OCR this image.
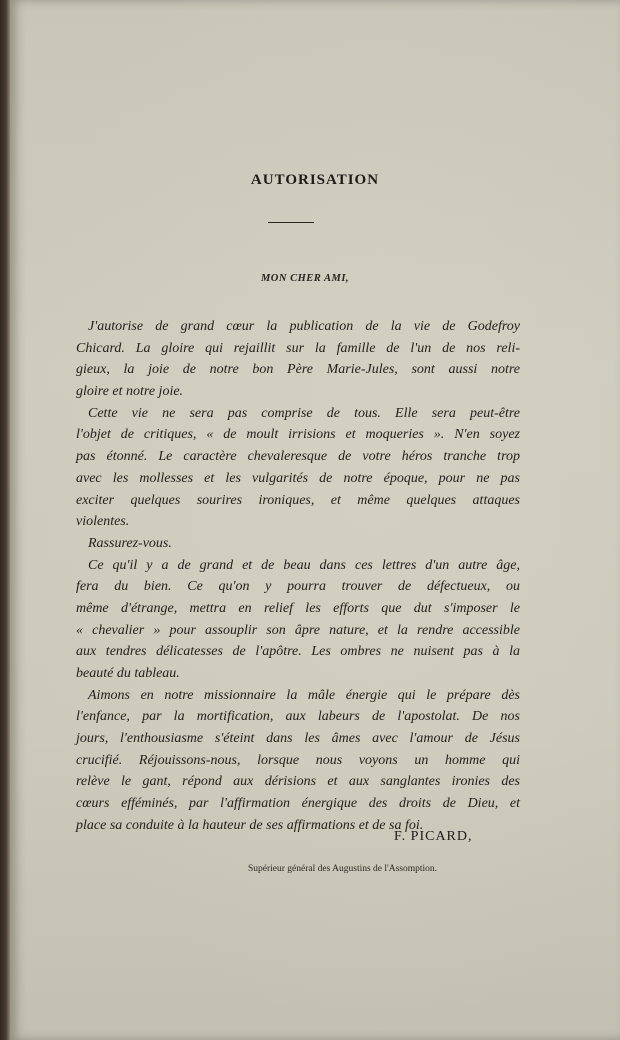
AUTORISATION
MON CHER AMI,
J'autorise de grand cœur la publication de la vie de Godefroy
Chicard. La gloire qui rejaillit sur la famille de l'un de nos reli-
gieux, la joie de notre bon Père Marie-Jules, sont aussi notre
gloire et notre joie.
Cette vie ne sera pas comprise de tous. Elle sera peut-être
l'objet de critiques, « de moult irrisions et moqueries ». N'en soyez
pas étonné. Le caractère chevaleresque de votre héros tranche trop
avec les mollesses et les vulgarités de notre époque, pour ne pas
exciter quelques sourires ironiques, et même quelques attaques
violentes.
Rassurez-vous.
Ce qu'il y a de grand et de beau dans ces lettres d'un autre âge,
fera du bien. Ce qu'on y pourra trouver de défectueux, ou
même d'étrange, mettra en relief les efforts que dut s'imposer le
« chevalier » pour assouplir son âpre nature, et la rendre accessible
aux tendres délicatesses de l'apôtre. Les ombres ne nuisent pas à la
beauté du tableau.
Aimons en notre missionnaire la mâle énergie qui le prépare dès
l'enfance, par la mortification, aux labeurs de l'apostolat. De nos
jours, l'enthousiasme s'éteint dans les âmes avec l'amour de Jésus
crucifié. Réjouissons-nous, lorsque nous voyons un homme qui
relève le gant, répond aux dérisions et aux sanglantes ironies des
cœurs efféminés, par l'affirmation énergique des droits de Dieu, et
place sa conduite à la hauteur de ses affirmations et de sa foi.
F. PICARD,
Supérieur général des Augustins de l'Assomption.
